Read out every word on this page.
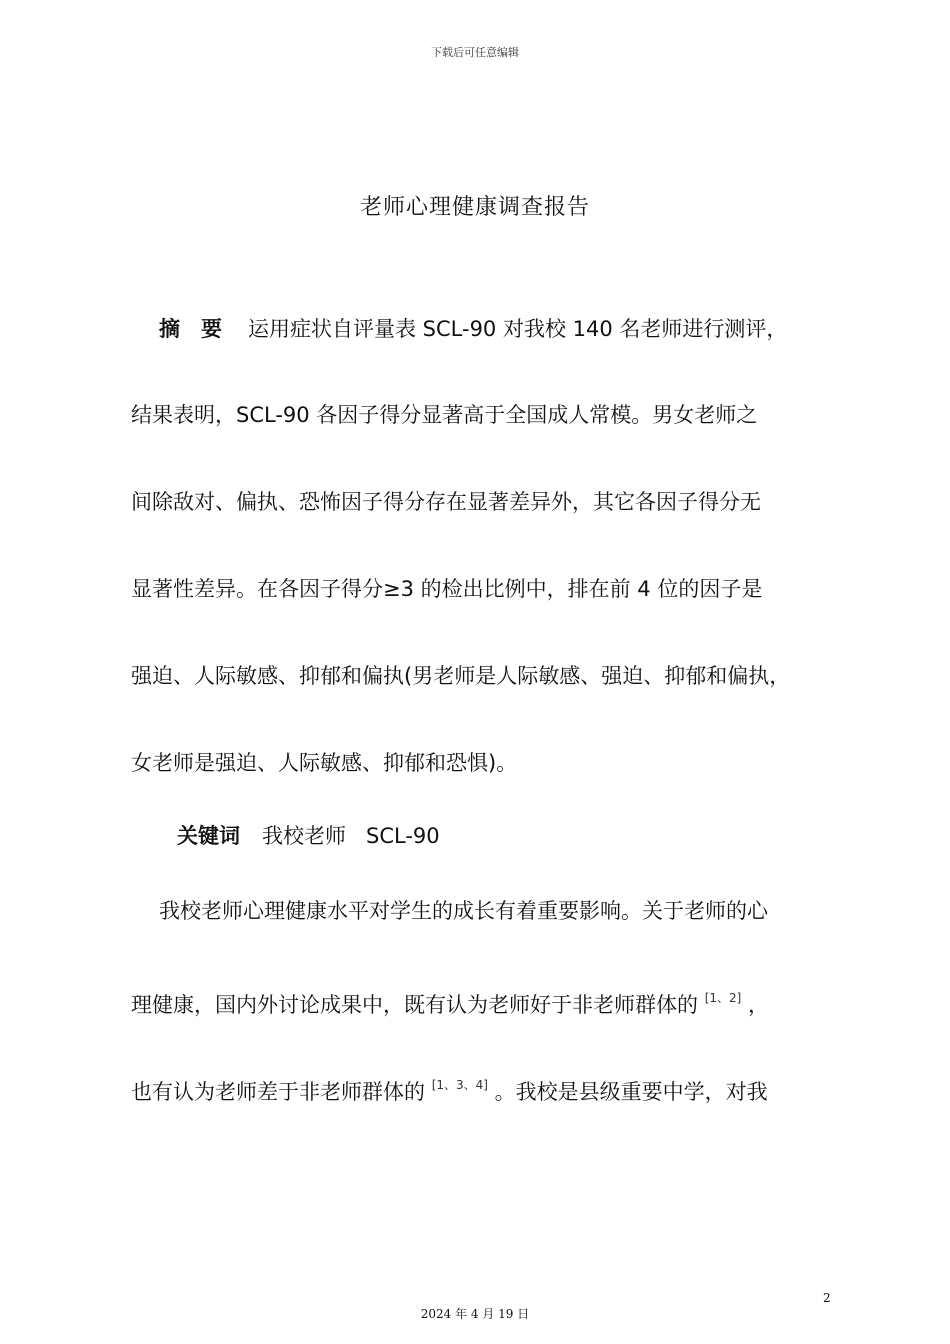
下载后可任意编辑
老师心理健康调查报告
摘　要 运用症状自评量表 SCL-90 对我校 140 名老师进行测评，
结果表明，SCL-90 各因子得分显著高于全国成人常模。男女老师之
间除敌对、偏执、恐怖因子得分存在显著差异外，其它各因子得分无
显著性差异。在各因子得分≥3 的检出比例中，排在前 4 位的因子是
强迫、人际敏感、抑郁和偏执(男老师是人际敏感、强迫、抑郁和偏执，
女老师是强迫、人际敏感、抑郁和恐惧)。
关键词 我校老师 SCL-90
我校老师心理健康水平对学生的成长有着重要影响。关于老师的心
理健康，国内外讨论成果中，既有认为老师好于非老师群体的 [1、2] ，
也有认为老师差于非老师群体的 [1、3、4] 。我校是县级重要中学，对我
2
2024 年 4 月 19 日
